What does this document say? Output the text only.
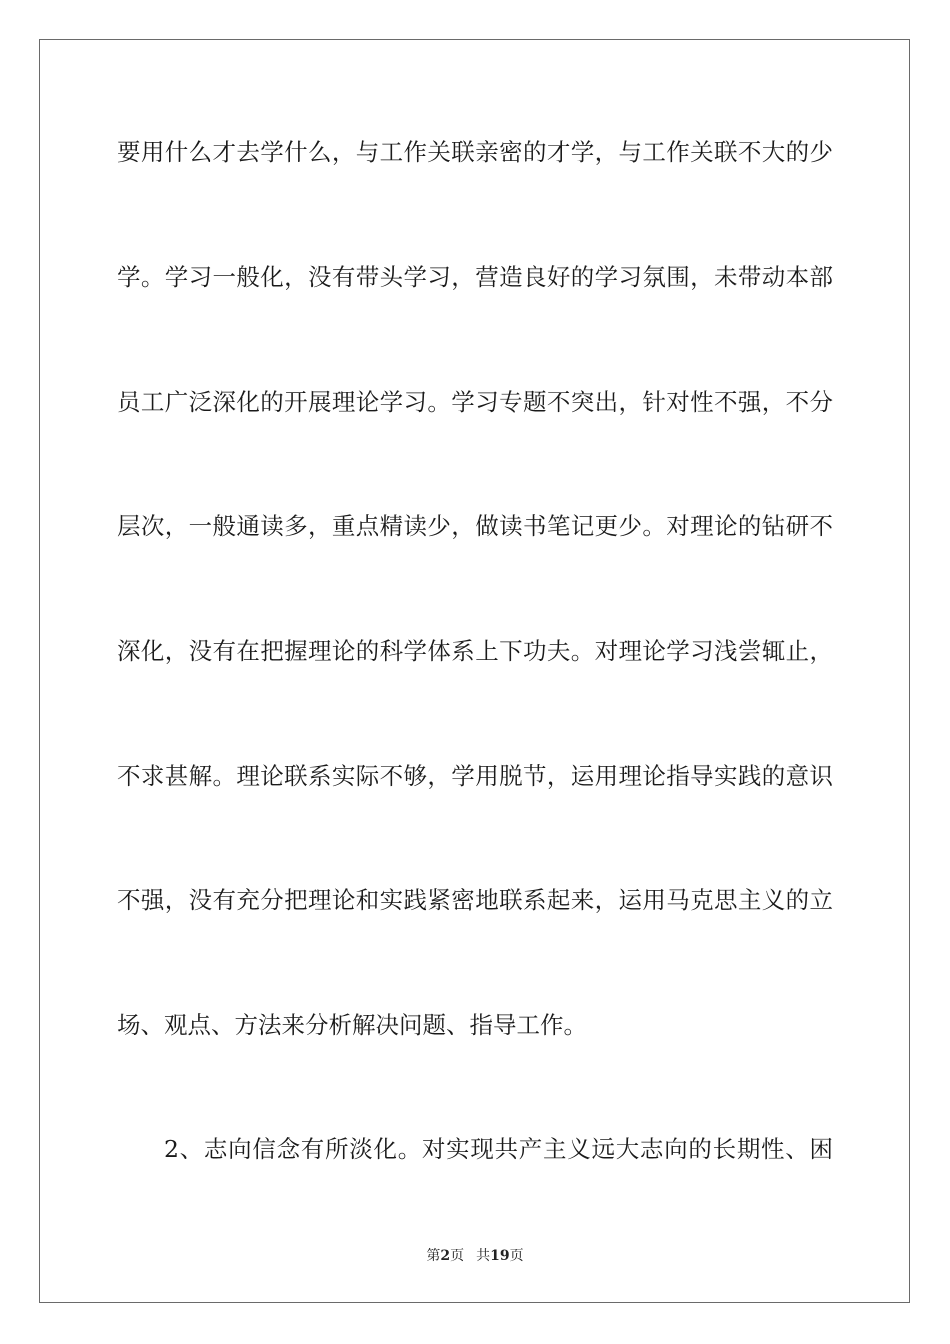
要用什么才去学什么，与工作关联亲密的才学，与工作关联不大的少
学。学习一般化，没有带头学习，营造良好的学习氛围，未带动本部
员工广泛深化的开展理论学习。学习专题不突出，针对性不强，不分
层次，一般通读多，重点精读少，做读书笔记更少。对理论的钻研不
深化，没有在把握理论的科学体系上下功夫。对理论学习浅尝辄止，
不求甚解。理论联系实际不够，学用脱节，运用理论指导实践的意识
不强，没有充分把理论和实践紧密地联系起来，运用马克思主义的立
场、观点、方法来分析解决问题、指导工作。
2、志向信念有所淡化。对实现共产主义远大志向的长期性、困
第2页 共19页
